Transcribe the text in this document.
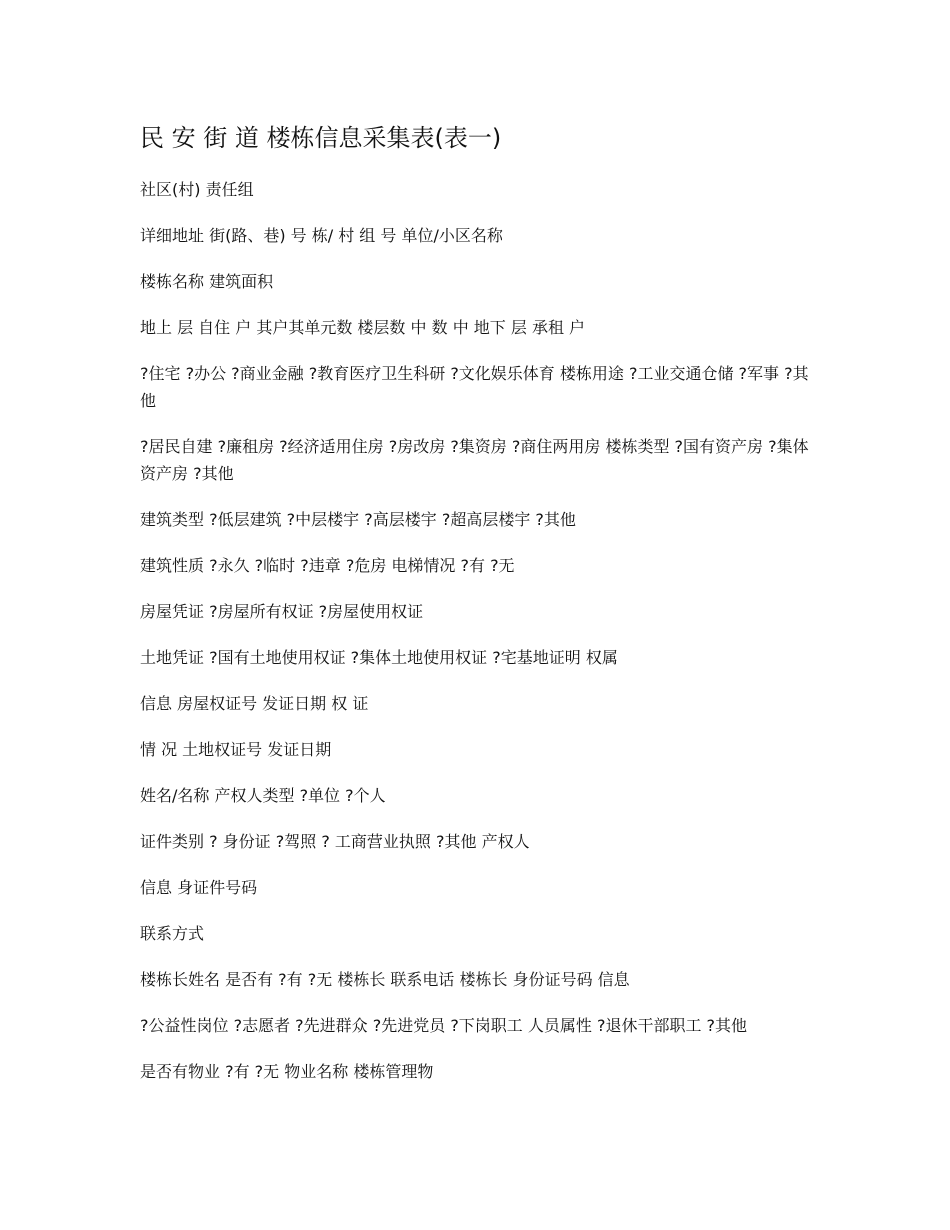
民 安 街 道 楼栋信息采集表(表一)
社区(村) 责任组
详细地址 街(路、巷) 号 栋/ 村 组 号 单位/小区名称
楼栋名称 建筑面积
地上 层 自住 户 其户其单元数 楼层数 中 数 中 地下 层 承租 户
?住宅 ?办公 ?商业金融 ?教育医疗卫生科研 ?文化娱乐体育 楼栋用途 ?工业交通仓储 ?军事 ?其他
?居民自建 ?廉租房 ?经济适用住房 ?房改房 ?集资房 ?商住两用房 楼栋类型 ?国有资产房 ?集体资产房 ?其他
建筑类型 ?低层建筑 ?中层楼宇 ?高层楼宇 ?超高层楼宇 ?其他
建筑性质 ?永久 ?临时 ?违章 ?危房 电梯情况 ?有 ?无
房屋凭证 ?房屋所有权证 ?房屋使用权证
土地凭证 ?国有土地使用权证 ?集体土地使用权证 ?宅基地证明 权属
信息 房屋权证号 发证日期 权 证
情 况 土地权证号 发证日期
姓名/名称 产权人类型 ?单位 ?个人
证件类别 ? 身份证 ?驾照 ? 工商营业执照 ?其他 产权人
信息 身证件号码
联系方式
楼栋长姓名 是否有 ?有 ?无 楼栋长 联系电话 楼栋长 身份证号码 信息
?公益性岗位 ?志愿者 ?先进群众 ?先进党员 ?下岗职工 人员属性 ?退休干部职工 ?其他
是否有物业 ?有 ?无 物业名称 楼栋管理物
